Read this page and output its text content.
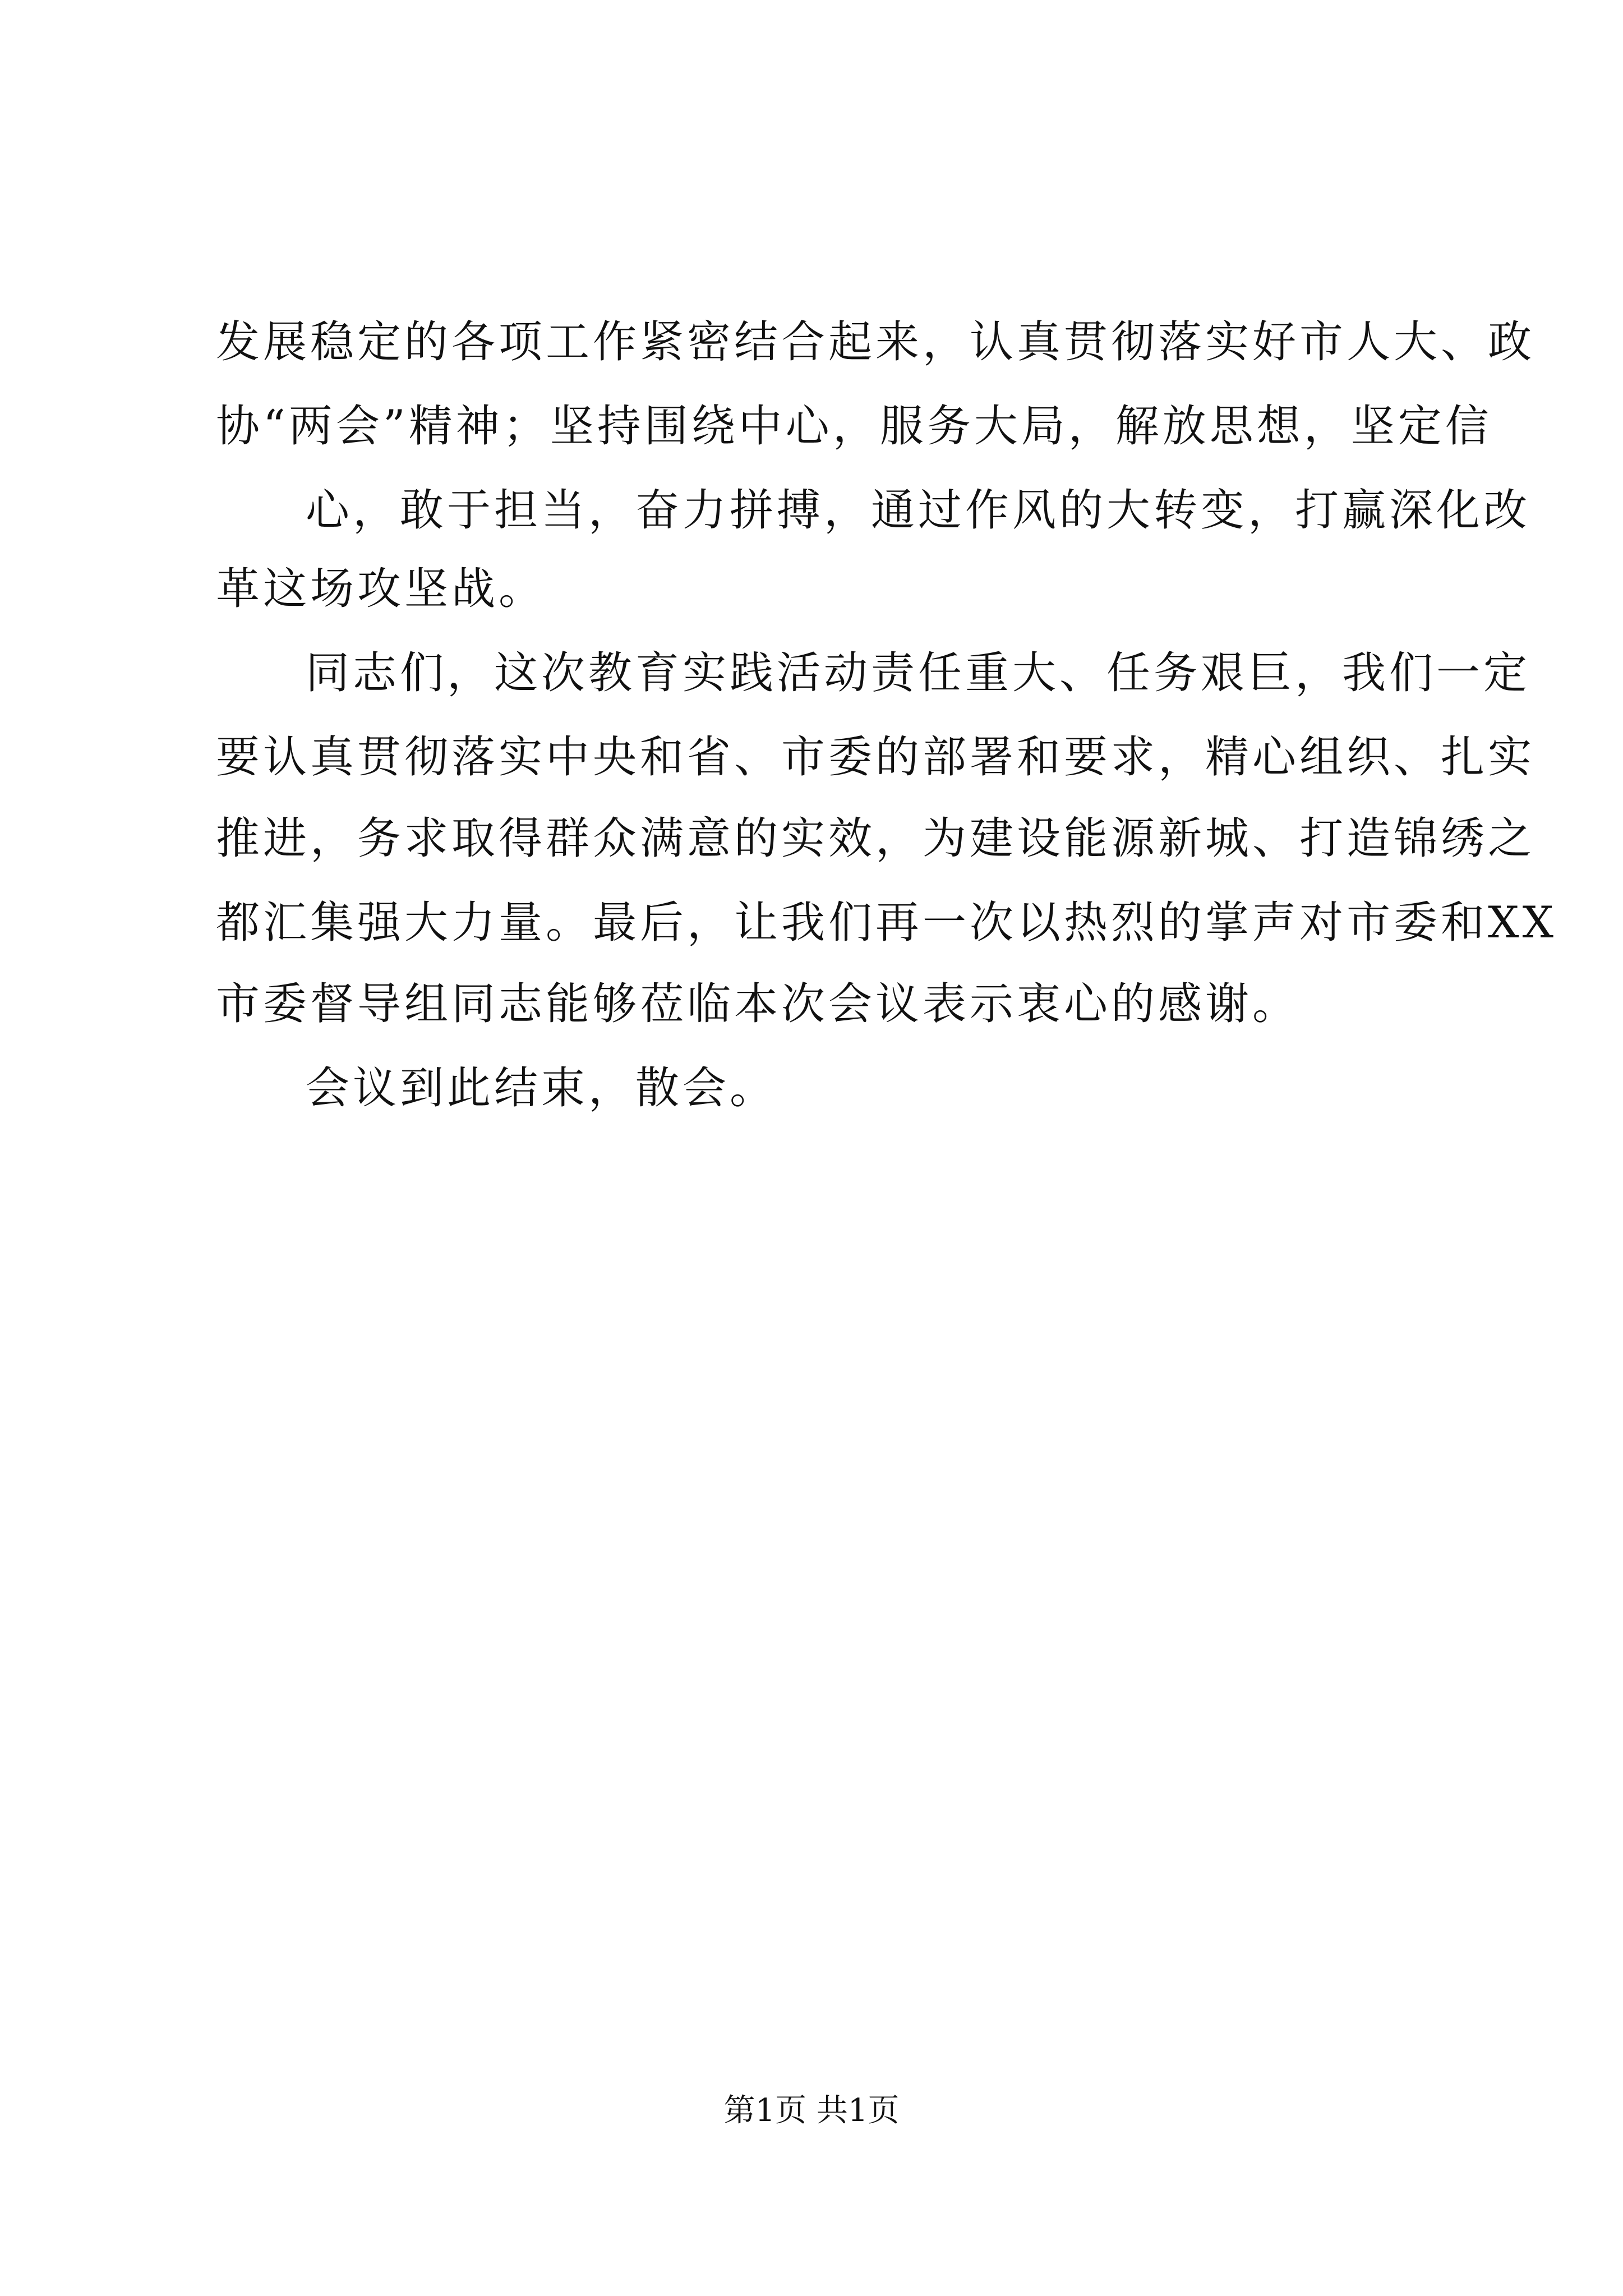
发展稳定的各项工作紧密结合起来，认真贯彻落实好市人大、政
协“两会”精神；坚持围绕中心，服务大局，解放思想，坚定信
心，敢于担当，奋力拼搏，通过作风的大转变，打赢深化改
革这场攻坚战。
同志们，这次教育实践活动责任重大、任务艰巨，我们一定
要认真贯彻落实中央和省、市委的部署和要求，精心组织、扎实
推进，务求取得群众满意的实效，为建设能源新城、打造锦绣之
都汇集强大力量。最后，让我们再一次以热烈的掌声对市委和XX
市委督导组同志能够莅临本次会议表示衷心的感谢。
会议到此结束，散会。
第1页 共1页
